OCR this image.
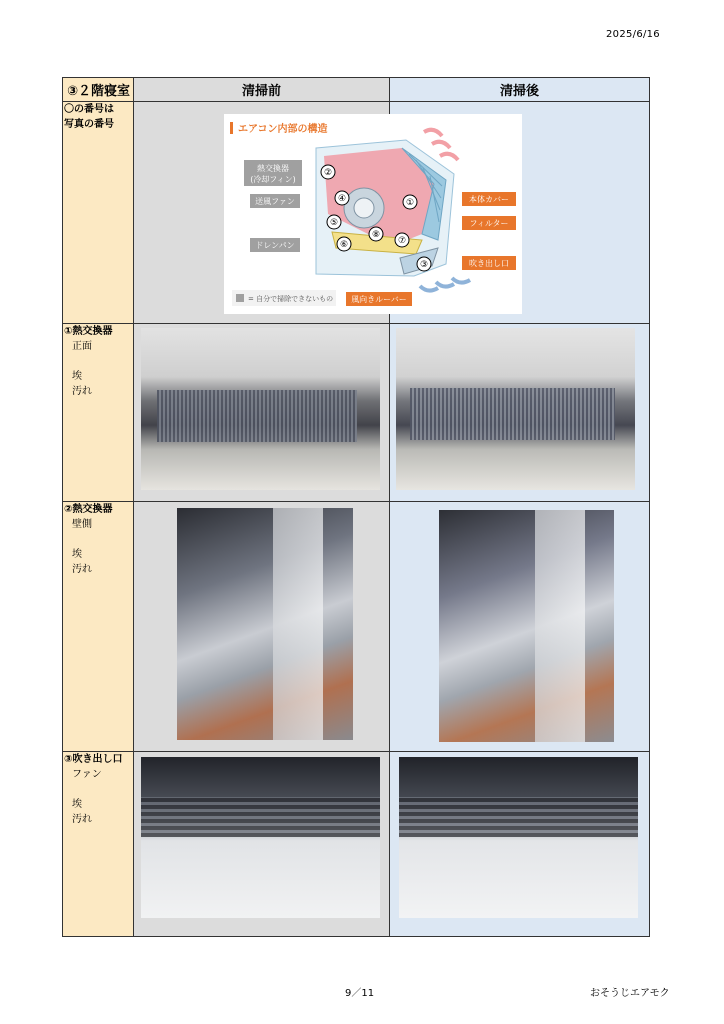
2025/6/16
③２階寝室	清掃前	清掃後

〇の番号は
写真の番号		

①熱交換器
正面
埃
汚れ		

②熱交換器
壁側
埃
汚れ		

③吹き出し口
ファン
埃
汚れ		

エアコン内部の構造
熱交換器
(冷却フィン)
送風ファン
ドレンパン
本体カバー
フィルター
吹き出し口
風向きルーバー
= 自分で掃除できないもの
②
④
⑤
⑥
⑧
⑦
①
③
9／11	おそうじエアモク
